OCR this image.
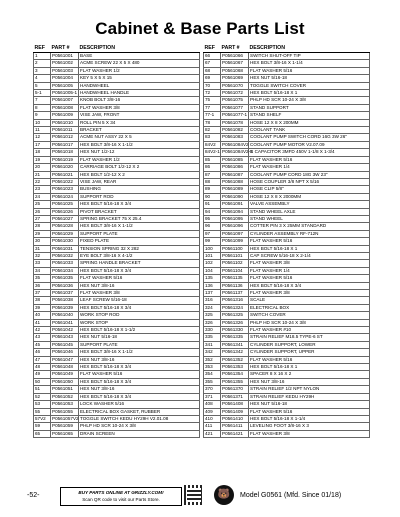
Cabinet & Base Parts List
REF	PART #	DESCRIPTION
1	P0561001	BASE
2	P0561002	ACME SCREW 22 X 5 X 480
3	P0561003	FLAT WASHER 1/2
4	P0561004	KEY 5 X 5 X 15
5	P0561005	HANDWHEEL
5-1	P0561005-1	HANDWHEEL HANDLE
7	P0561007	KNOB BOLT 3/8-16
8	P0561008	FLAT WASHER 3/8
9	P0561009	VISE JAW, FRONT
10	P0561010	ROLL PIN 5 X 34
11	P0561011	BRACKET
12	P0561012	ACME NUT ASSY 22 X 5
17	P0561017	HEX BOLT 3/8-16 X 1-1/2
18	P0561018	HEX NUT 1/2-12
19	P0561019	FLAT WASHER 1/2
20	P0561020	CARRIAGE BOLT 1/2-12 X 2
21	P0561021	HEX BOLT 1/2-12 X 2
22	P0561022	VISE JAW, REAR
23	P0561023	BUSHING
24	P0561024	SUPPORT ROD
25	P0561025	HEX BOLT 5/16-18 X 3/4
26	P0561026	PIVOT BRACKET
27	P0561027	SPRING BRACKET 75 X 25.4
28	P0561028	HEX BOLT 3/8-16 X 1-1/2
29	P0561029	SUPPORT PLATE
30	P0561030	FIXED PLATE
31	P0561031	TENSION SPRING 32 X 282
32	P0561032	EYE BOLT 3/8-16 X 4-1/2
33	P0561033	SPRING HANDLE BRACKET
34	P0561034	HEX BOLT 5/16-18 X 3/4
35	P0561035	FLAT WASHER 5/16
36	P0561036	HEX NUT 3/8-16
37	P0561037	FLAT WASHER 3/8
38	P0561038	LEAF SCREW 5/16-18
39	P0561039	HEX BOLT 5/16-18 X 3/4
40	P0561040	WORK STOP ROD
41	P0561041	WORK STOP
42	P0561042	HEX BOLT 5/16-18 X 1-1/2
43	P0561043	HEX NUT 5/16-18
45	P0561045	SUPPORT PLATE
46	P0561046	HEX BOLT 3/8-16 X 1-1/2
47	P0561047	HEX NUT 3/8-16
48	P0561048	HEX BOLT 5/16-18 X 3/4
49	P0561049	FLAT WASHER 5/16
50	P0561050	HEX BOLT 5/16-18 X 3/4
51	P0561051	HEX NUT 3/8-16
52	P0561052	HEX BOLT 5/16-18 X 3/4
53	P0561053	LOCK WASHER 5/16
55	P0561055	ELECTRICAL BOX GASKET, RUBBER
57V2	P0561057V2	TOGGLE SWITCH KEDU HY29H V2.01.08
59	P0561059	PHLP HD SCR 10-24 X 3/8
65	P0561065	DRAIN SCREEN
REF	PART #	DESCRIPTION
66	P0561066	SWITCH SHUT-OFF TIP
67	P0561067	HEX BOLT 3/8-16 X 1-1/4
68	P0561068	FLAT WASHER 5/16
69	P0561069	HEX NUT 5/16-18
70	P0561070	TOGGLE SWITCH COVER
72	P0561072	HEX BOLT 5/16-18 X 1
75	P0561075	PHLP HD SCR 10-24 X 3/8
77	P0561077	STAND SUPPORT
77-1	P0561077-1	STAND SHELF
78	P0561078	HOSE 12 X 8 X 200MM
82	P0561082	COOLANT TANK
83	P0561083	COOLANT PUMP SWITCH CORD 16G 3W 26"
84V2	P0561084V2	COOLANT PUMP MOTOR V2.07.09
84V2-1	P0561084V2-1	R CAPACITOR 3MFD 450V 1-1/8 X 1-3/4
85	P0561085	FLAT WASHER 5/16
86	P0561086	FLAT WASHER 1/4
87	P0561087	COOLANT PUMP CORD 18G 3W 23"
88	P0561088	HOSE COUPLER 3/8 NPT X 5/16
89	P0561089	HOSE CLIP 5/8"
90	P0561090	HOSE 12 X 8 X 2000MM
91	P0561091	VALVE ASSEMBLY
94	P0561094	STAND WHEEL AXLE
95	P0561095	STAND WHEEL
96	P0561096	COTTER PIN 3 X 25MM STANDARD
97	P0561097	CYLINDER ASSEMBLY RF-712N
99	P0561099	FLAT WASHER 5/16
100	P0561100	HEX BOLT 5/16-18 X 1
101	P0561101	CAP SCREW 5/16-18 X 2-1/4
102	P0561102	FLAT WASHER 3/8
104	P0561104	FLAT WASHER 1/4
135	P0561135	FLAT WASHER 5/16
136	P0561136	HEX BOLT 5/16-18 X 3/4
137	P0561137	FLAT WASHER 3/8
316	P0561316	SCALE
324	P0561324	ELECTRICAL BOX
325	P0561325	SWITCH COVER
326	P0561326	PHLP HD SCR 10-24 X 3/8
330	P0561330	FLAT WASHER #10
335	P0561335	STRAIN RELIEF M18.5 TYPE-6 ST
341	P0561341	CYLINDER SUPPORT, LOWER
342	P0561342	CYLINDER SUPPORT, UPPER
352	P0561352	FLAT WASHER 5/16
353	P0561353	HEX BOLT 5/16-18 X 1
354	P0561354	SPACER 8 X 16 X 2
355	P0561355	HEX NUT 3/8-16
370	P0561370	STRAIN RELIEF 1/2 NPT NYLON
371	P0561371	STRAIN RELIEF KEDU HY29H
408	P0561408	HEX NUT 5/16-18
409	P0561409	FLAT WASHER 5/16
410	P0561410	HEX BOLT 5/16-18 X 1-1/4
411	P0561411	LEVELING FOOT 3/8-16 X 3
421	P0561421	FLAT WASHER 3/8
-52-	BUY PARTS ONLINE AT GRIZZLY.COM!
Scan QR code to visit our Parts Store.	🐻 Model G0561 (Mfd. Since 01/18)
